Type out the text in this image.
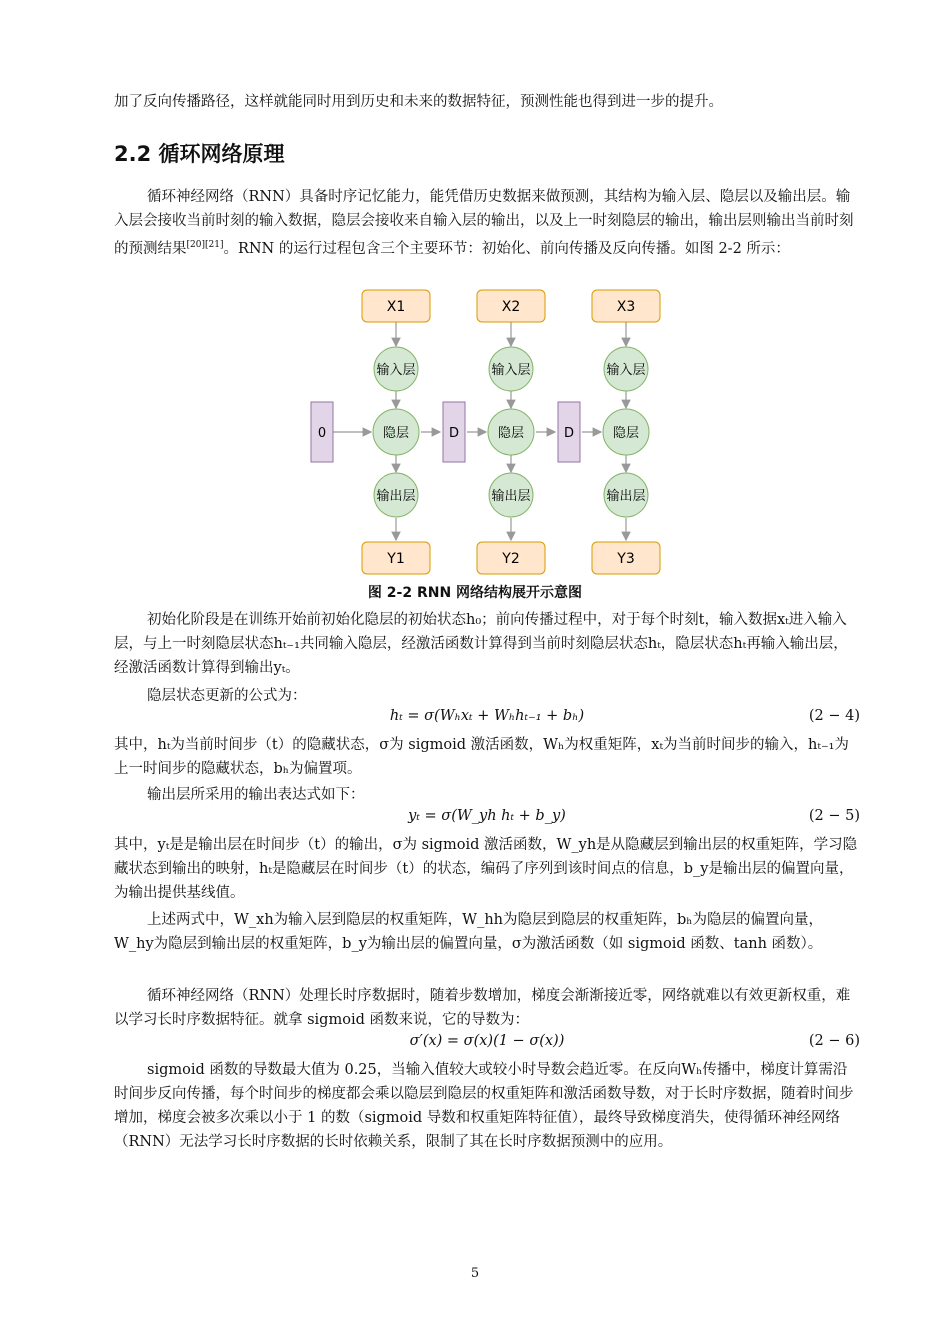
加了反向传播路径，这样就能同时用到历史和未来的数据特征，预测性能也得到进一步的提升。

2.2 循环网络原理

循环神经网络（RNN）具备时序记忆能力，能凭借历史数据来做预测，其结构为输入层、隐层以及输出层。输入层会接收当前时刻的输入数据，隐层会接收来自输入层的输出，以及上一时刻隐层的输出，输出层则输出当前时刻的预测结果[20][21]。RNN 的运行过程包含三个主要环节：初始化、前向传播及反向传播。如图 2-2 所示：

X1	X2	X3
输入层	输入层	输入层
隐层	隐层	隐层
0	D	D
输出层	输出层	输出层
Y1	Y2	Y3

图 2-2 RNN 网络结构展开示意图

初始化阶段是在训练开始前初始化隐层的初始状态h₀；前向传播过程中，对于每个时刻t，输入数据xₜ进入输入层，与上一时刻隐层状态hₜ₋₁共同输入隐层，经激活函数计算得到当前时刻隐层状态hₜ，隐层状态hₜ再输入输出层，经激活函数计算得到输出yₜ。

隐层状态更新的公式为：

hₜ = σ(Wₕxₜ + Wₕhₜ₋₁ + bₕ)	(2 − 4)

其中，hₜ为当前时间步（t）的隐藏状态，σ为 sigmoid 激活函数，Wₕ为权重矩阵，xₜ为当前时间步的输入，hₜ₋₁为上一时间步的隐藏状态，bₕ为偏置项。

输出层所采用的输出表达式如下：

yₜ = σ(W_yh hₜ + b_y)	(2 − 5)

其中，yₜ是是输出层在时间步（t）的输出，σ为 sigmoid 激活函数，W_yh是从隐藏层到输出层的权重矩阵，学习隐藏状态到输出的映射，hₜ是隐藏层在时间步（t）的状态，编码了序列到该时间点的信息，b_y是输出层的偏置向量，为输出提供基线值。

上述两式中，W_xh为输入层到隐层的权重矩阵，W_hh为隐层到隐层的权重矩阵，bₕ为隐层的偏置向量，W_hy为隐层到输出层的权重矩阵，b_y为输出层的偏置向量，σ为激活函数（如 sigmoid 函数、tanh 函数）。

循环神经网络（RNN）处理长时序数据时，随着步数增加，梯度会渐渐接近零，网络就难以有效更新权重，难以学习长时序数据特征。就拿 sigmoid 函数来说，它的导数为：

σ′(x) = σ(x)(1 − σ(x))	(2 − 6)

sigmoid 函数的导数最大值为 0.25，当输入值较大或较小时导数会趋近零。在反向Wₕ传播中，梯度计算需沿时间步反向传播，每个时间步的梯度都会乘以隐层到隐层的权重矩阵和激活函数导数，对于长时序数据，随着时间步增加，梯度会被多次乘以小于 1 的数（sigmoid 导数和权重矩阵特征值），最终导致梯度消失，使得循环神经网络（RNN）无法学习长时序数据的长时依赖关系，限制了其在长时序数据预测中的应用。

5
